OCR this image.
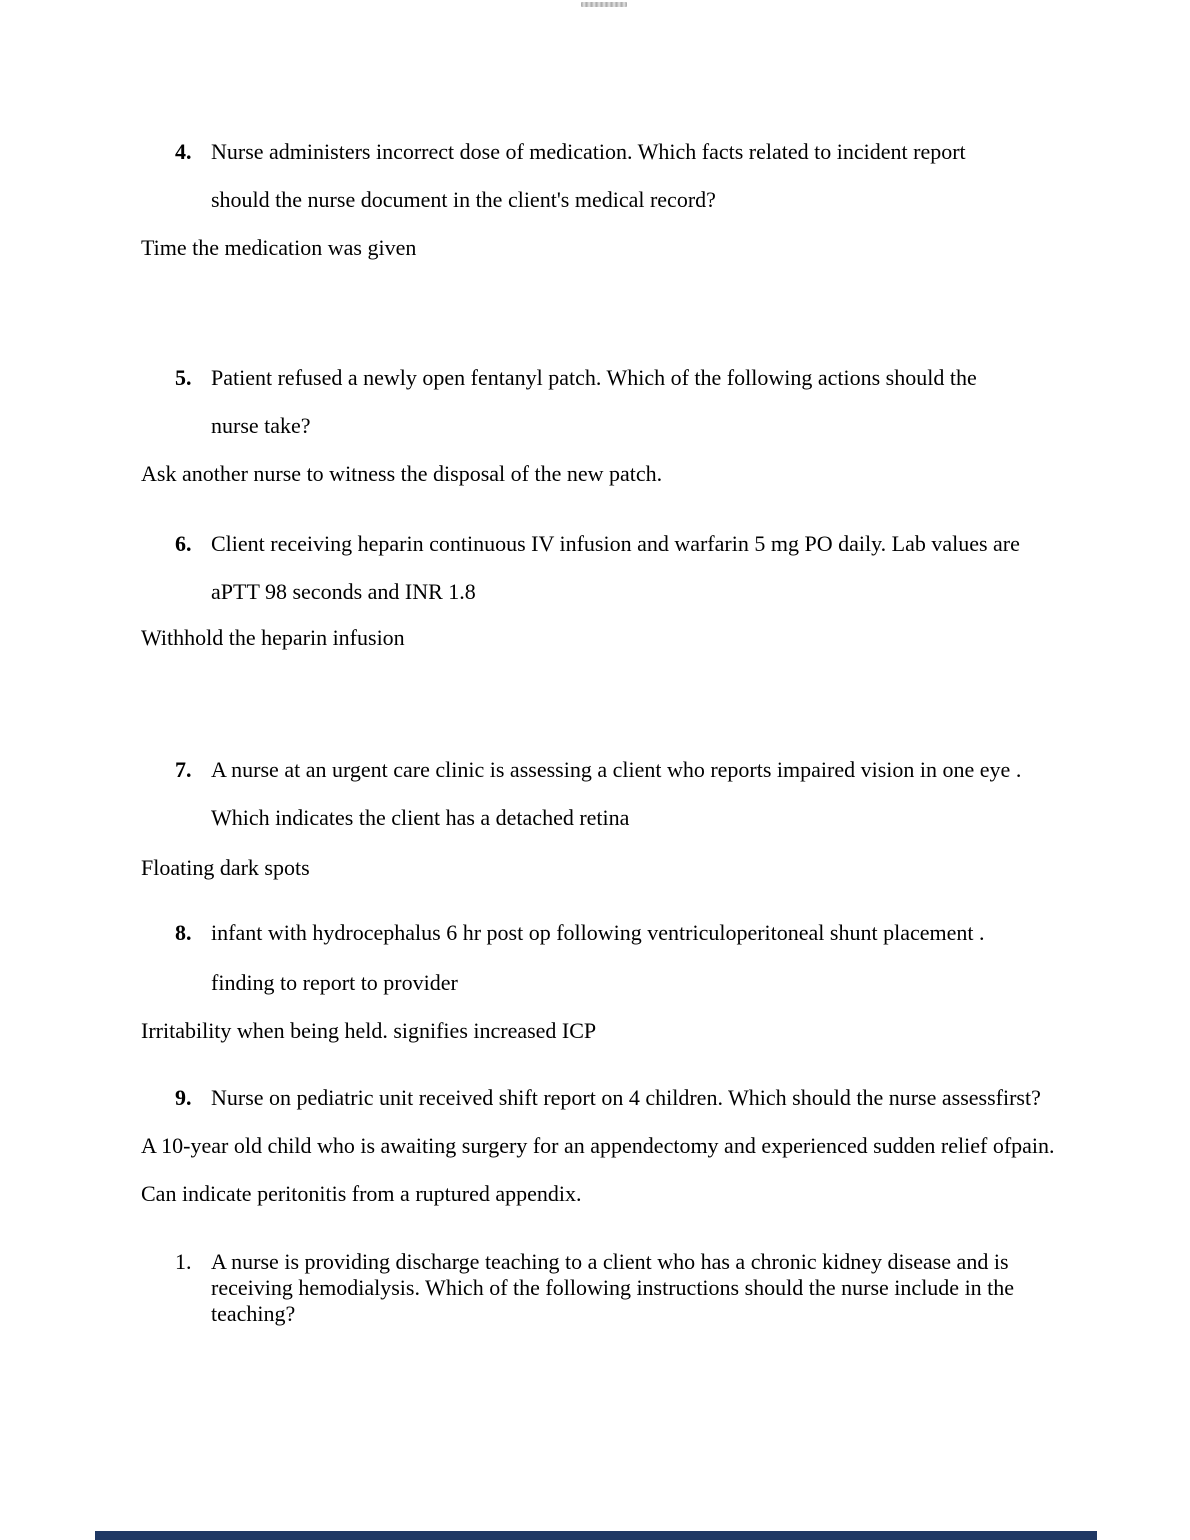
4. Nurse administers incorrect dose of medication. Which facts related to incident report
should the nurse document in the client's medical record?
Time the medication was given
5. Patient refused a newly open fentanyl patch. Which of the following actions should the
nurse take?
Ask another nurse to witness the disposal of the new patch.
6. Client receiving heparin continuous IV infusion and warfarin 5 mg PO daily. Lab values are
aPTT 98 seconds and INR 1.8
Withhold the heparin infusion
7. A nurse at an urgent care clinic is assessing a client who reports impaired vision in one eye .
Which indicates the client has a detached retina
Floating dark spots
8. infant with hydrocephalus 6 hr post op following ventriculoperitoneal shunt placement .
finding to report to provider
Irritability when being held. signifies increased ICP
9. Nurse on pediatric unit received shift report on 4 children. Which should the nurse assessfirst?
A 10-year old child who is awaiting surgery for an appendectomy and experienced sudden relief ofpain.
Can indicate peritonitis from a ruptured appendix.
1. A nurse is providing discharge teaching to a client who has a chronic kidney disease and is
receiving hemodialysis. Which of the following instructions should the nurse include in the
teaching?
